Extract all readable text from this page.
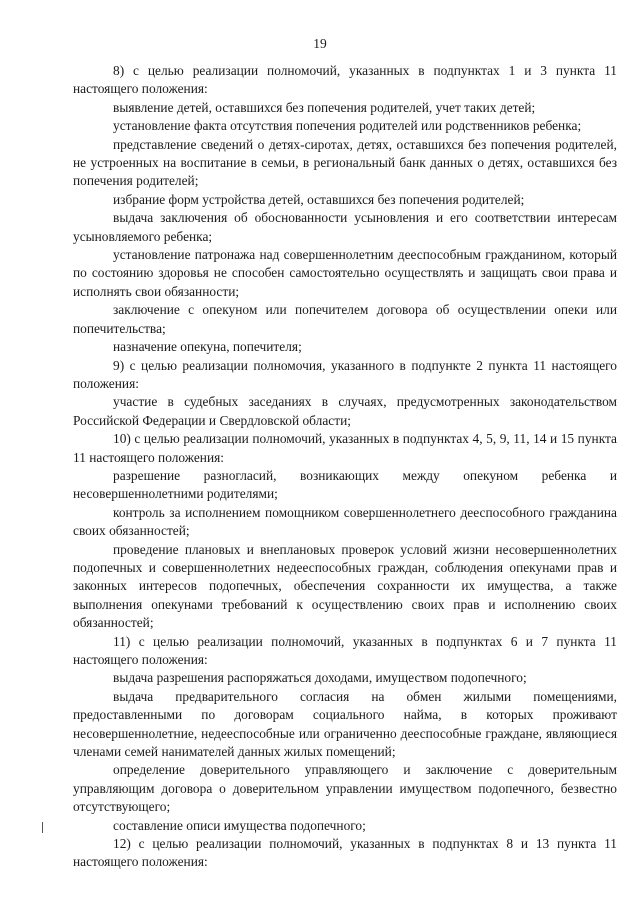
19

8) с целью реализации полномочий, указанных в подпунктах 1 и 3 пункта 11 настоящего положения:

выявление детей, оставшихся без попечения родителей, учет таких детей;

установление факта отсутствия попечения родителей или родственников ребенка;

представление сведений о детях-сиротах, детях, оставшихся без попечения родителей, не устроенных на воспитание в семьи, в региональный банк данных о детях, оставшихся без попечения родителей;

избрание форм устройства детей, оставшихся без попечения родителей;

выдача заключения об обоснованности усыновления и его соответствии интересам усыновляемого ребенка;

установление патронажа над совершеннолетним дееспособным гражданином, который по состоянию здоровья не способен самостоятельно осуществлять и защищать свои права и исполнять свои обязанности;

заключение с опекуном или попечителем договора об осуществлении опеки или попечительства;

назначение опекуна, попечителя;

9) с целью реализации полномочия, указанного в подпункте 2 пункта 11 настоящего положения:

участие в судебных заседаниях в случаях, предусмотренных законодательством Российской Федерации и Свердловской области;

10) с целью реализации полномочий, указанных в подпунктах 4, 5, 9, 11, 14 и 15 пункта 11 настоящего положения:

разрешение разногласий, возникающих между опекуном ребенка и несовершеннолетними родителями;

контроль за исполнением помощником совершеннолетнего дееспособного гражданина своих обязанностей;

проведение плановых и внеплановых проверок условий жизни несовершеннолетних подопечных и совершеннолетних недееспособных граждан, соблюдения опекунами прав и законных интересов подопечных, обеспечения сохранности их имущества, а также выполнения опекунами требований к осуществлению своих прав и исполнению своих обязанностей;

11) с целью реализации полномочий, указанных в подпунктах 6 и 7 пункта 11 настоящего положения:

выдача разрешения распоряжаться доходами, имуществом подопечного;

выдача предварительного согласия на обмен жилыми помещениями, предоставленными по договорам социального найма, в которых проживают несовершеннолетние, недееспособные или ограниченно дееспособные граждане, являющиеся членами семей нанимателей данных жилых помещений;

определение доверительного управляющего и заключение с доверительным управляющим договора о доверительном управлении имуществом подопечного, безвестно отсутствующего;

составление описи имущества подопечного;

12) с целью реализации полномочий, указанных в подпунктах 8 и 13 пункта 11 настоящего положения:
